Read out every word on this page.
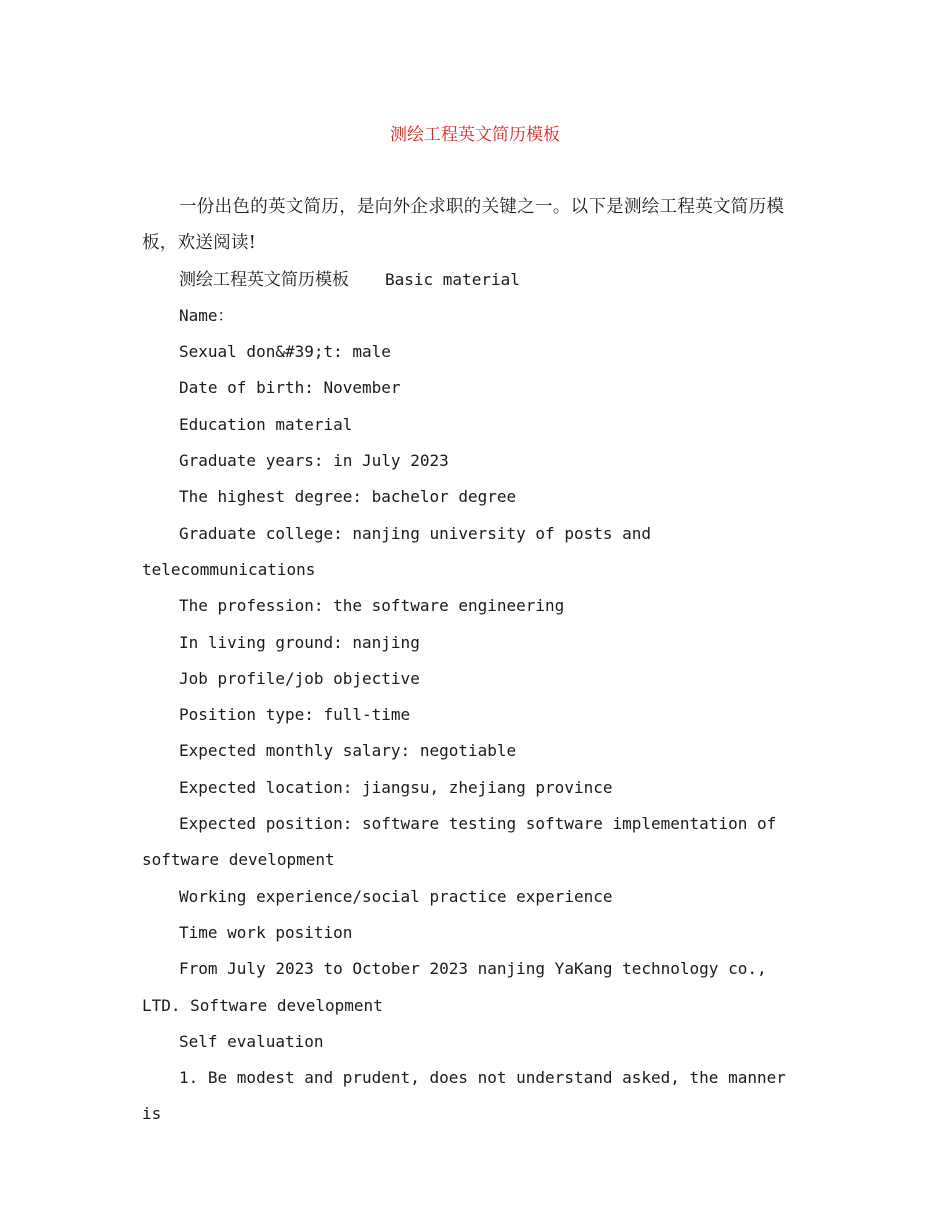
测绘工程英文简历模板

一份出色的英文简历，是向外企求职的关键之一。以下是测绘工程英文简历模板，欢送阅读!

测绘工程英文简历模板 Basic material

Name：

Sexual don&#39;t: male

Date of birth: November

Education material

Graduate years: in July 2023

The highest degree: bachelor degree

Graduate college: nanjing university of posts and telecommunications

The profession: the software engineering

In living ground: nanjing

Job profile/job objective

Position type: full-time

Expected monthly salary: negotiable

Expected location: jiangsu, zhejiang province

Expected position: software testing software implementation of software development

Working experience/social practice experience

Time work position

From July 2023 to October 2023 nanjing YaKang technology co., LTD. Software development

Self evaluation

1. Be modest and prudent, does not understand asked, the manner is
